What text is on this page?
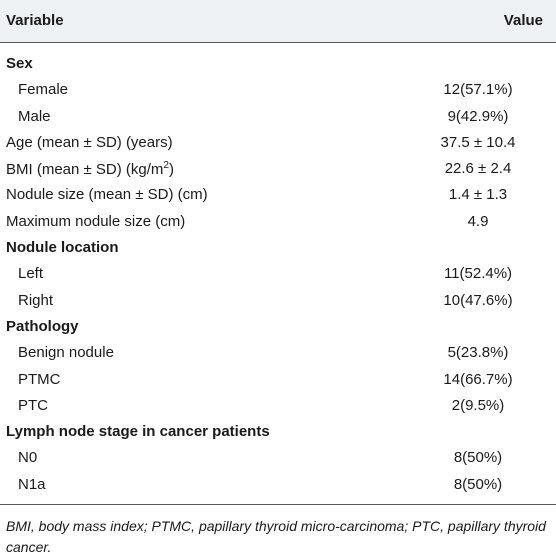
Variable	Value
Sex
Female	12(57.1%)
Male	9(42.9%)
Age (mean ± SD) (years)	37.5 ± 10.4
BMI (mean ± SD) $(kg/m^2)$	22.6 ± 2.4
Nodule size (mean ± SD) (cm)	1.4 ± 1.3
Maximum nodule size (cm)	4.9
Nodule location
Left	11(52.4%)
Right	10(47.6%)
Pathology
Benign nodule	5(23.8%)
PTMC	14(66.7%)
PTC	2(9.5%)
Lymph node stage in cancer patients
N0	8(50%)
N1a	8(50%)
BMI, body mass index; PTMC, papillary thyroid micro-carcinoma; PTC, papillary thyroid cancer.
